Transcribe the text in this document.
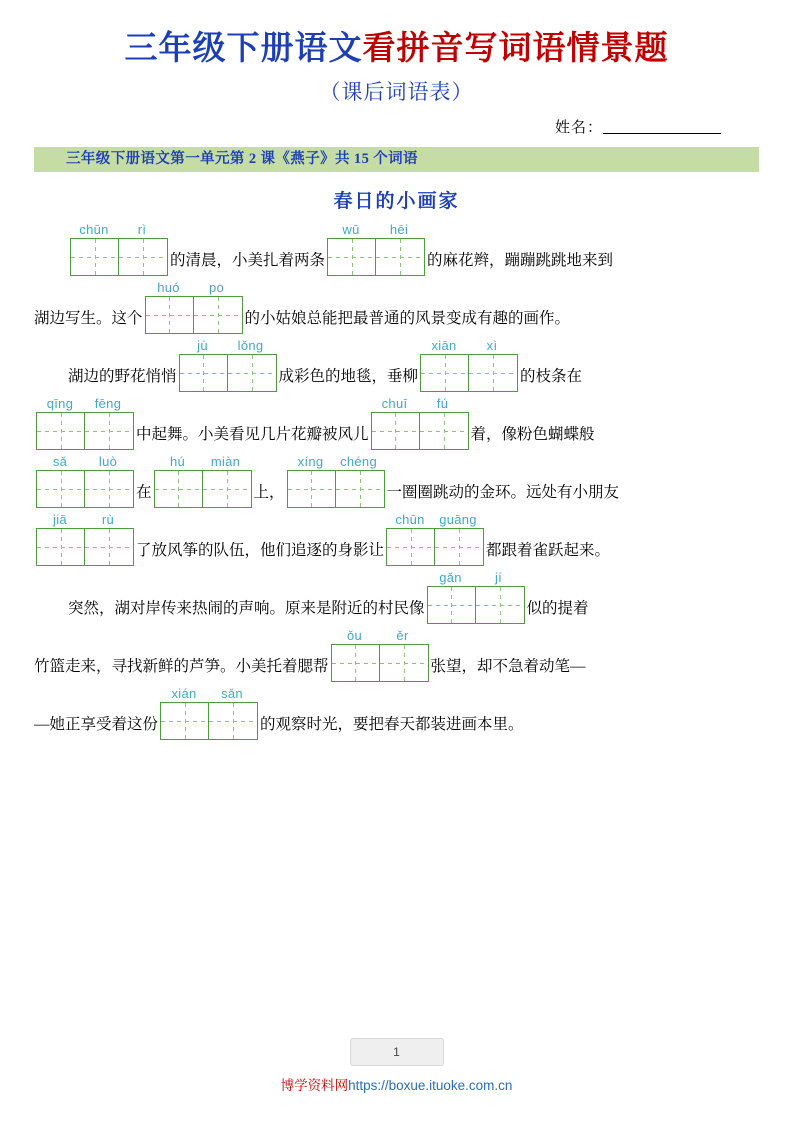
三年级下册语文看拼音写词语情景题
（课后词语表）
姓名：
三年级下册语文第一单元第 2 课《燕子》共 15 个词语
春日的小画家
chūn	rì
的清晨，小美扎着两条
wū	hēi
的麻花辫，蹦蹦跳跳地来到
湖边写生。这个
huó	po
的小姑娘总能把最普通的风景变成有趣的画作。
湖边的野花悄悄
jù	lǒng
成彩色的地毯，垂柳
xiān	xì
的枝条在
qīng	fēng
中起舞。小美看见几片花瓣被风儿
chuī	fú
着，像粉色蝴蝶般
sǎ	luò
在
hú	miàn
上，
xíng	chéng
一圈圈跳动的金环。远处有小朋友
jiā	rù
了放风筝的队伍，他们追逐的身影让
chūn	guāng
都跟着雀跃起来。
突然，湖对岸传来热闹的声响。原来是附近的村民像
gǎn	jí
似的提着
竹篮走来，寻找新鲜的芦笋。小美托着腮帮
ǒu	ěr
张望，却不急着动笔—
—她正享受着这份
xián	sǎn
的观察时光，要把春天都装进画本里。
1
博学资料网https://boxue.ituoke.com.cn
